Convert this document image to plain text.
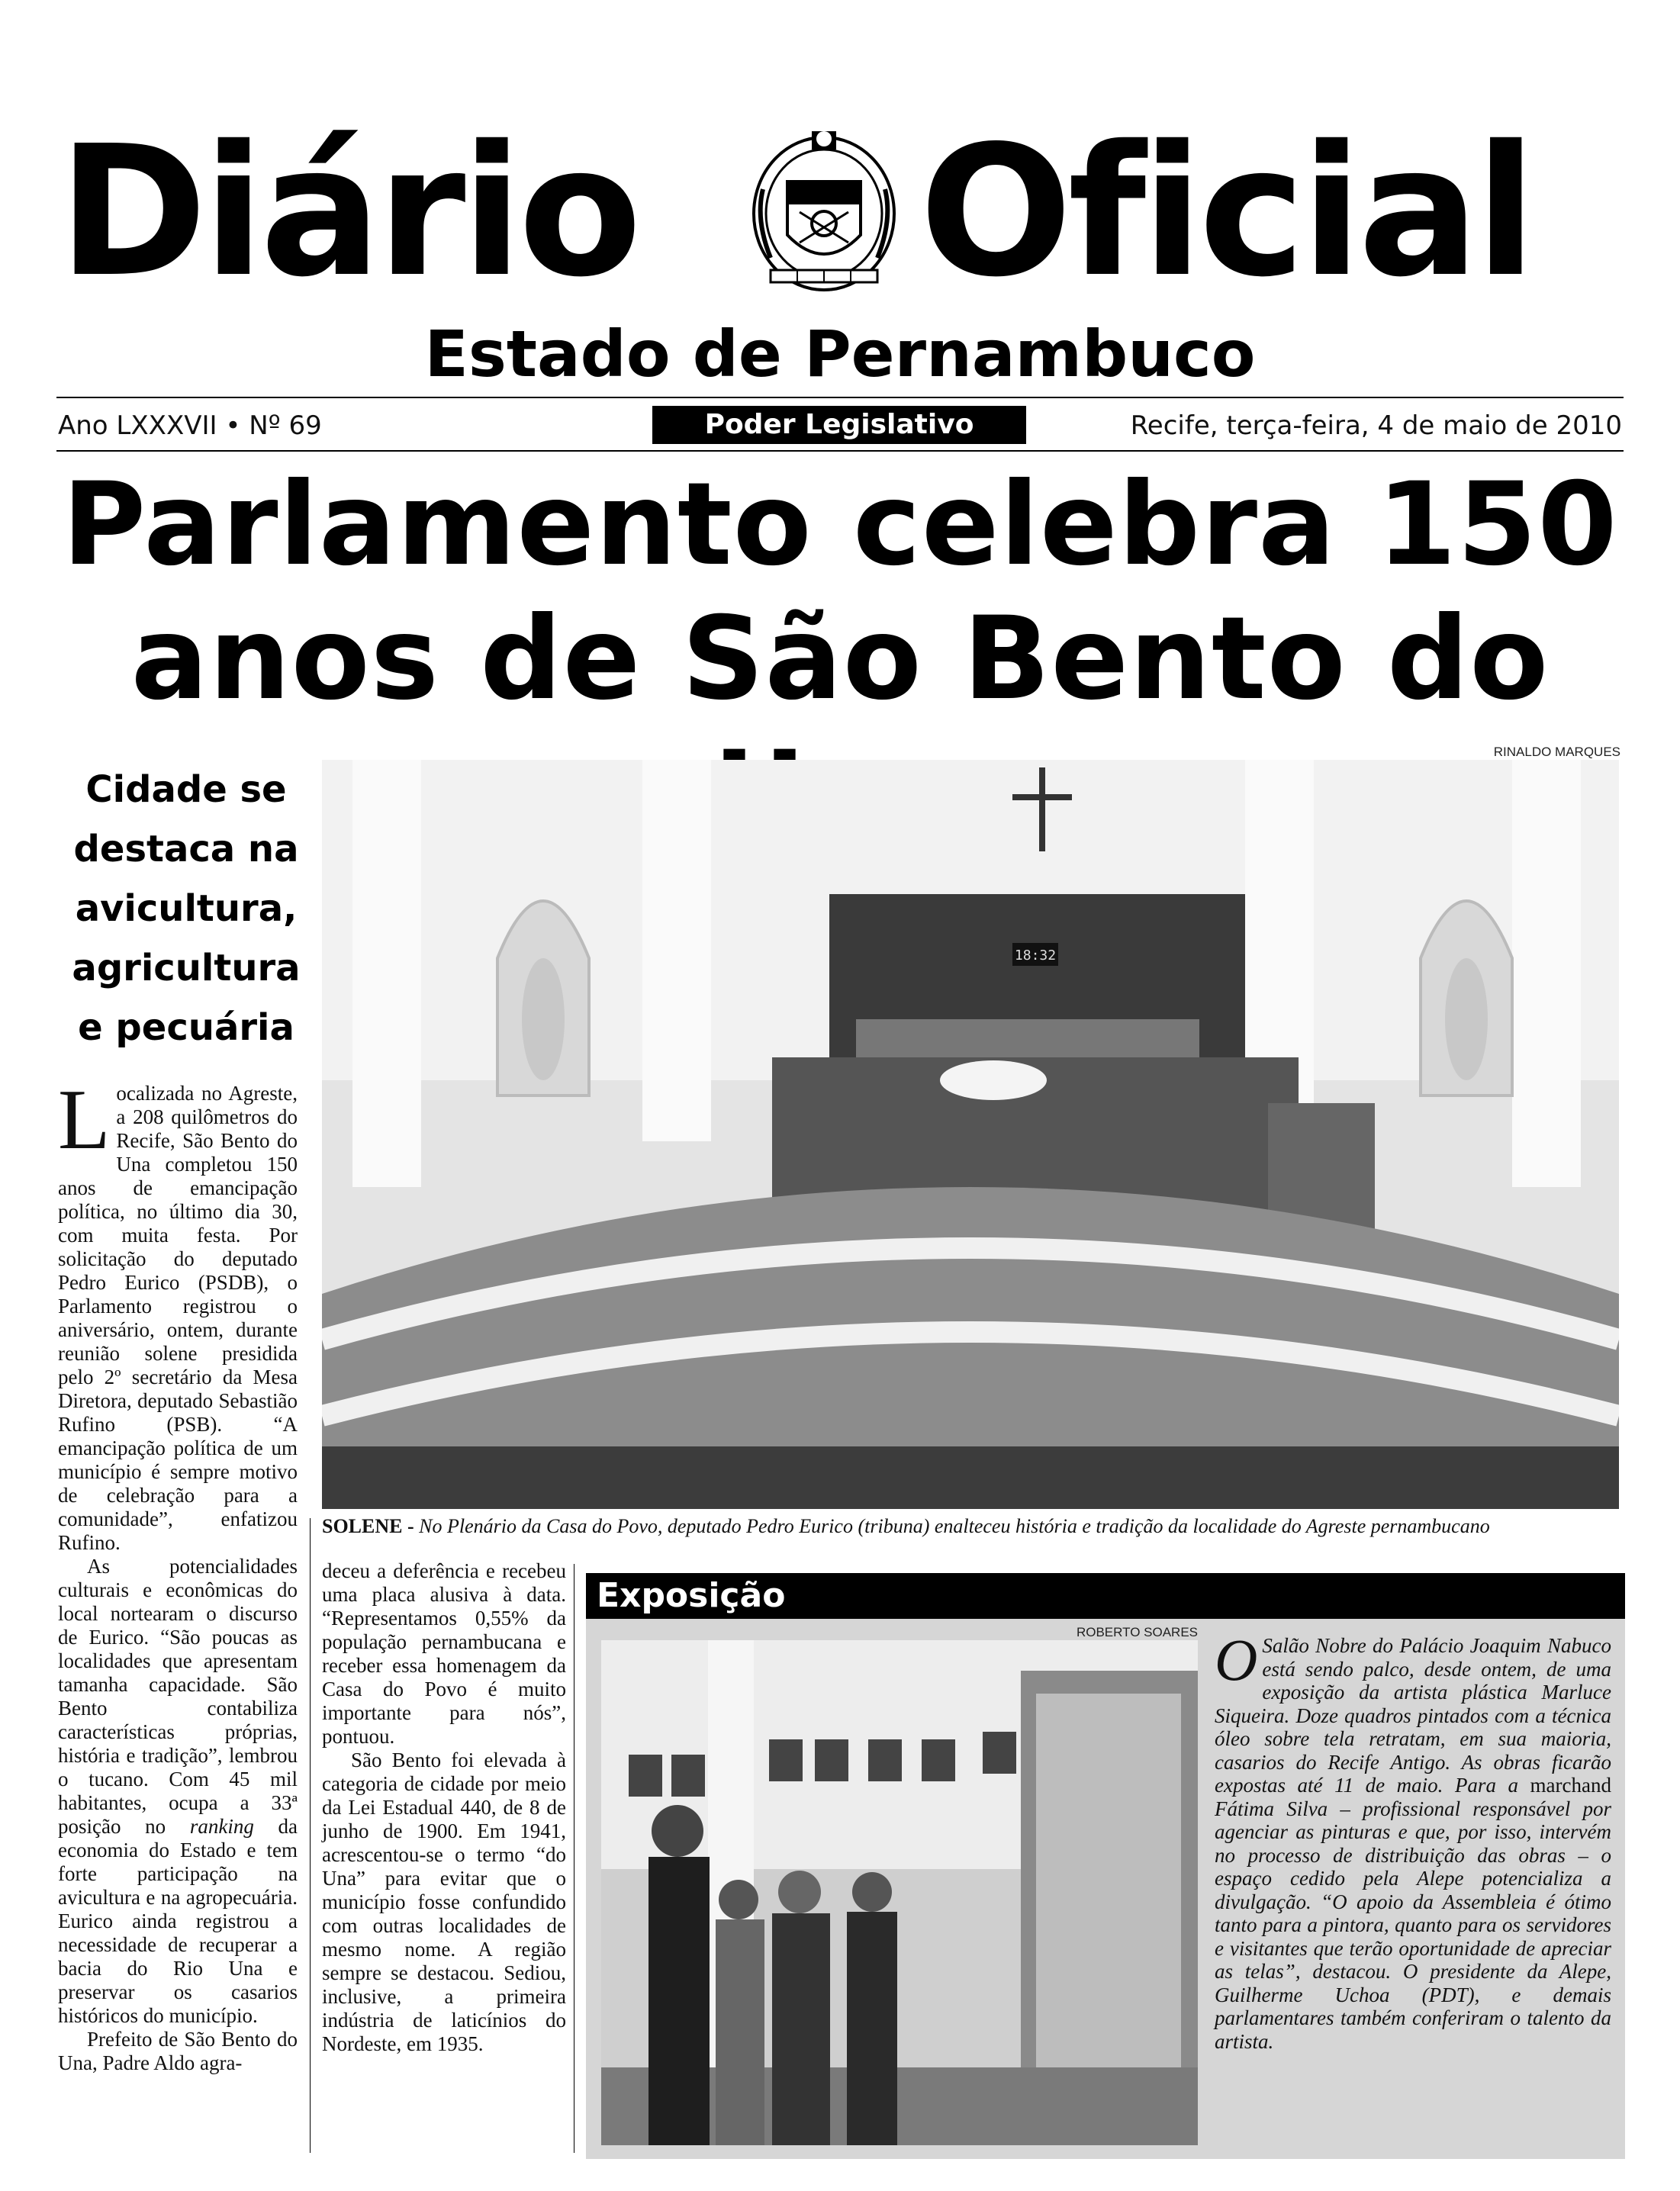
Diário Oficial
Estado de Pernambuco
Ano LXXXVII • Nº 69	Poder Legislativo	Recife, terça-feira, 4 de maio de 2010
Parlamento celebra 150
anos de São Bento do
RINALDO MARQUES
18:32
SOLENE - No Plenário da Casa do Povo, deputado Pedro Eurico (tribuna) enalteceu história e tradição da localidade do Agreste pernambucano
Cidade se
destaca na
avicultura,
agricultura
e pecuária

Localizada no Agreste, a 208 quilômetros do Recife, São Bento do Una completou 150 anos de emancipação política, no último dia 30, com muita festa. Por solicitação do deputado Pedro Eurico (PSDB), o Parlamento registrou o aniversário, ontem, durante reunião solene presidida pelo 2º secretário da Mesa Diretora, deputado Sebastião Rufino (PSB). “A emancipação política de um município é sempre motivo de celebração para a comunidade”, enfatizou Rufino.

As potencialidades culturais e econômicas do local nortearam o discurso de Eurico. “São poucas as localidades que apresentam tamanha capacidade. São Bento contabiliza características próprias, história e tradição”, lembrou o tucano. Com 45 mil habitantes, ocupa a 33ª posição no ranking da economia do Estado e tem forte participação na avicultura e na agropecuária. Eurico ainda registrou a necessidade de recuperar a bacia do Rio Una e preservar os casarios históricos do município.

Prefeito de São Bento do Una, Padre Aldo agra-

deceu a deferência e recebeu uma placa alusiva à data. “Representamos 0,55% da população pernambucana e receber essa homenagem da Casa do Povo é muito importante para nós”, pontuou.

São Bento foi elevada à categoria de cidade por meio da Lei Estadual 440, de 8 de junho de 1900. Em 1941, acrescentou-se o termo “do Una” para evitar que o município fosse confundido com outras localidades de mesmo nome. A região sempre se destacou. Sediou, inclusive, a primeira indústria de laticínios do Nordeste, em 1935.

Exposição
ROBERTO SOARES O Salão Nobre do Palácio Joaquim Nabuco está sendo palco, desde ontem, de uma exposição da artista plástica Marluce Siqueira. Doze quadros pintados com a técnica óleo sobre tela retratam, em sua maioria, casarios do Recife Antigo. As obras ficarão expostas até 11 de maio. Para a marchand Fátima Silva – profissional responsável por agenciar as pinturas e que, por isso, intervém no processo de distribuição das obras – o espaço cedido pela Alepe potencializa a divulgação. “O apoio da Assembleia é ótimo tanto para a pintora, quanto para os servidores e visitantes que terão oportunidade de apreciar as telas”, destacou. O presidente da Alepe, Guilherme Uchoa (PDT), e demais parlamentares também conferiram o talento da artista.
